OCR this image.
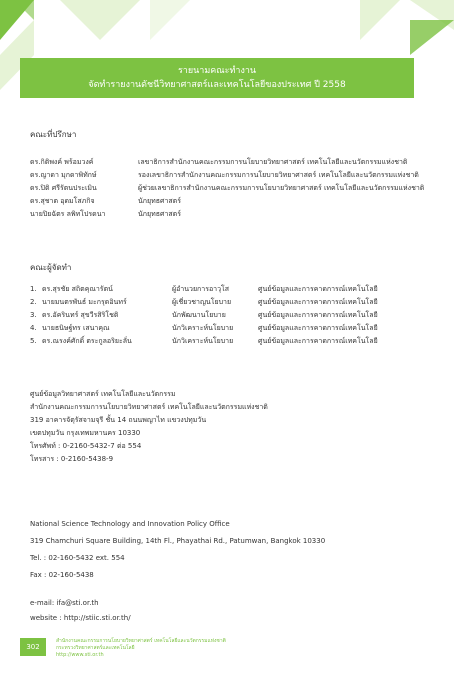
รายนามคณะทำงาน
จัดทำรายงานดัชนีวิทยาศาสตร์และเทคโนโลยีของประเทศ ปี 2558
คณะที่ปรึกษา
ดร.กิติพงค์ พร้อมวงค์	เลขาธิการสำนักงานคณะกรรมการนโยบายวิทยาศาสตร์ เทคโนโลยีและนวัตกรรมแห่งชาติ
ดร.ญาดา มุกดาพิทักษ์	รองเลขาธิการสำนักงานคณะกรรมการนโยบายวิทยาศาสตร์ เทคโนโลยีและนวัตกรรมแห่งชาติ
ดร.ปิติ ศรีรัตนประเมิน	ผู้ช่วยเลขาธิการสำนักงานคณะกรรมการนโยบายวิทยาศาสตร์ เทคโนโลยีและนวัตกรรมแห่งชาติ
ดร.สุชาต อุดมโสภกิจ	นักยุทธศาสตร์
นายปิยฉัตร ลพิทโปรดนา	นักยุทธศาสตร์
คณะผู้จัดทำ
1. ดร.สุรชัย สถิตคุณารัตน์	ผู้อำนวยการอาวุโส	ศูนย์ข้อมูลและการคาดการณ์เทคโนโลยี
2. นายมนตรพันธ์ มะกรุดอินทร์	ผู้เชี่ยวชาญนโยบาย	ศูนย์ข้อมูลและการคาดการณ์เทคโนโลยี
3. ดร.อัครินทร์ สุขวีรสิริโชติ	นักพัฒนานโยบาย	ศูนย์ข้อมูลและการคาดการณ์เทคโนโลยี
4. นายธนิษฐ์ทร เสนาคุณ	นักวิเคราะห์นโยบาย	ศูนย์ข้อมูลและการคาดการณ์เทคโนโลยี
5. ดร.ณรงค์ศักดิ์ ตระกูลอริยะลั่น	นักวิเคราะห์นโยบาย	ศูนย์ข้อมูลและการคาดการณ์เทคโนโลยี
ศูนย์ข้อมูลวิทยาศาสตร์ เทคโนโลยีและนวัตกรรม
สำนักงานคณะกรรมการนโยบายวิทยาศาสตร์ เทคโนโลยีและนวัตกรรมแห่งชาติ
319 อาคารจัตุรัสจามจุรี ชั้น 14 ถนนพญาไท แขวงปทุมวัน
เขตปทุมวัน กรุงเทพมหานคร 10330
โทรศัพท์ : 0-2160-5432-7 ต่อ 554
โทรสาร : 0-2160-5438-9
National Science Technology and Innovation Policy Office
319 Chamchuri Square Building, 14th Fl., Phayathai Rd., Patumwan, Bangkok 10330
Tel. : 02-160-5432 ext. 554
Fax : 02-160-5438
e-mail: ifa@sti.or.th
website : http://stiic.sti.or.th/
302
สำนักงานคณะกรรมการนโยบายวิทยาศาสตร์ เทคโนโลยีและนวัตกรรมแห่งชาติ
กระทรวงวิทยาศาสตร์และเทคโนโลยี
http://www.sti.or.th
